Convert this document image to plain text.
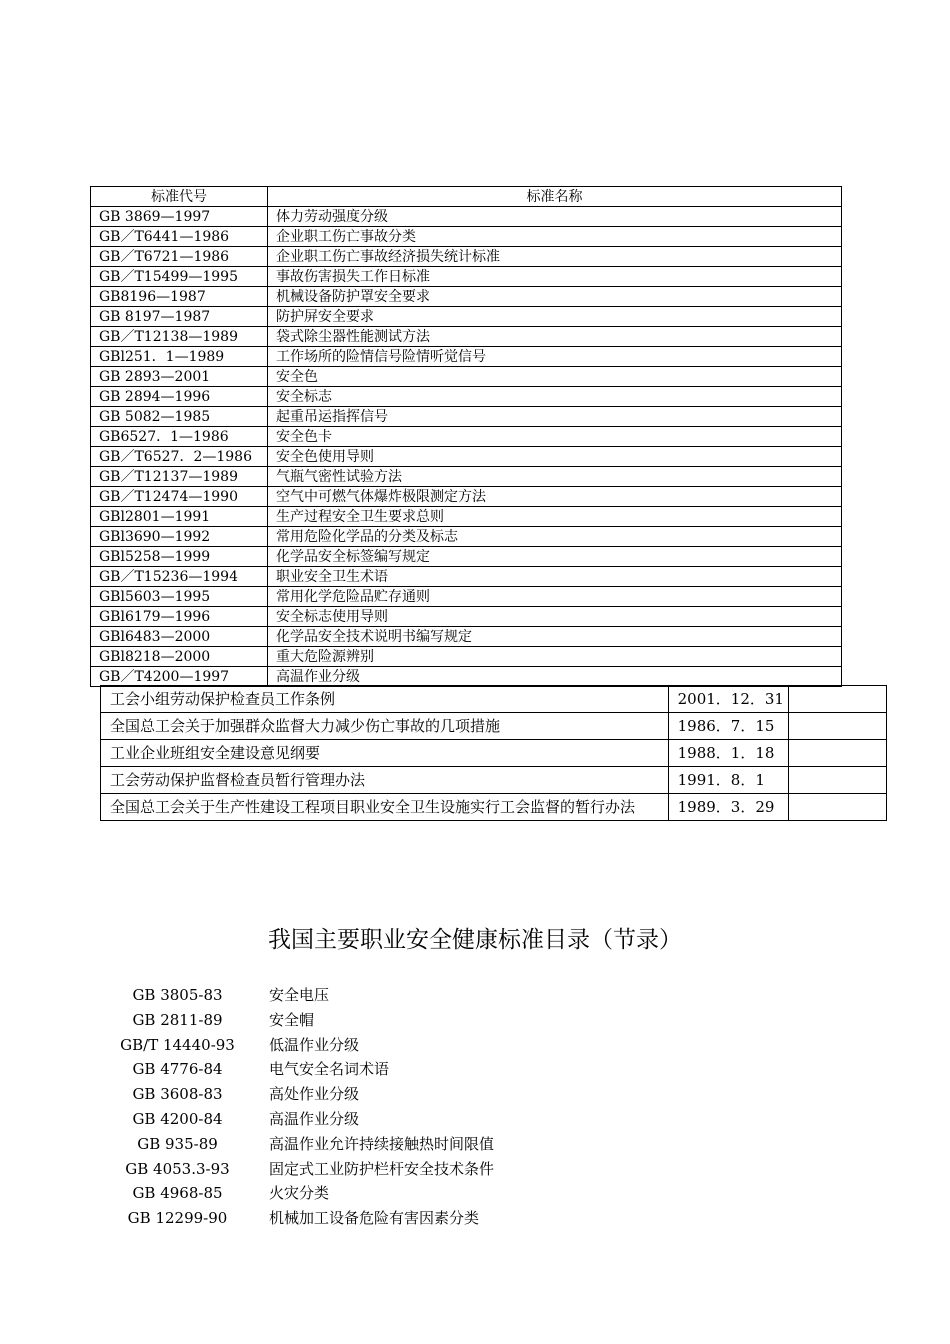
标准代号	标准名称
GB 3869—1997	体力劳动强度分级
GB／T6441—1986	企业职工伤亡事故分类
GB／T6721—1986	企业职工伤亡事故经济损失统计标准
GB／T15499—1995	事故伤害损失工作日标准
GB8196—1987	机械设备防护罩安全要求
GB 8197—1987	防护屏安全要求
GB／T12138—1989	袋式除尘器性能测试方法
GBl251．1—1989	工作场所的险情信号险情听觉信号
GB 2893—2001	安全色
GB 2894—1996	安全标志
GB 5082—1985	起重吊运指挥信号
GB6527．1—1986	安全色卡
GB／T6527．2—1986	安全色使用导则
GB／T12137—1989	气瓶气密性试验方法
GB／T12474—1990	空气中可燃气体爆炸极限测定方法
GBl2801—1991	生产过程安全卫生要求总则
GBl3690—1992	常用危险化学品的分类及标志
GBl5258—1999	化学品安全标签编写规定
GB／T15236—1994	职业安全卫生术语
GBl5603—1995	常用化学危险品贮存通则
GBl6179—1996	安全标志使用导则
GBl6483—2000	化学品安全技术说明书编写规定
GBl8218—2000	重大危险源辨别
GB／T4200—1997	高温作业分级
工会小组劳动保护检查员工作条例	2001．12．31	
全国总工会关于加强群众监督大力减少伤亡事故的几项措施	1986．7．15	
工业企业班组安全建设意见纲要	1988．1．18	
工会劳动保护监督检查员暂行管理办法	1991．8．1	
全国总工会关于生产性建设工程项目职业安全卫生设施实行工会监督的暂行办法	1989．3．29	
我国主要职业安全健康标准目录（节录）
GB 3805-83	安全电压
GB 2811-89	安全帽
GB/T 14440-93	低温作业分级
GB 4776-84	电气安全名词术语
GB 3608-83	高处作业分级
GB 4200-84	高温作业分级
GB 935-89	高温作业允许持续接触热时间限值
GB 4053.3-93	固定式工业防护栏杆安全技术条件
GB 4968-85	火灾分类
GB 12299-90	机械加工设备危险有害因素分类
